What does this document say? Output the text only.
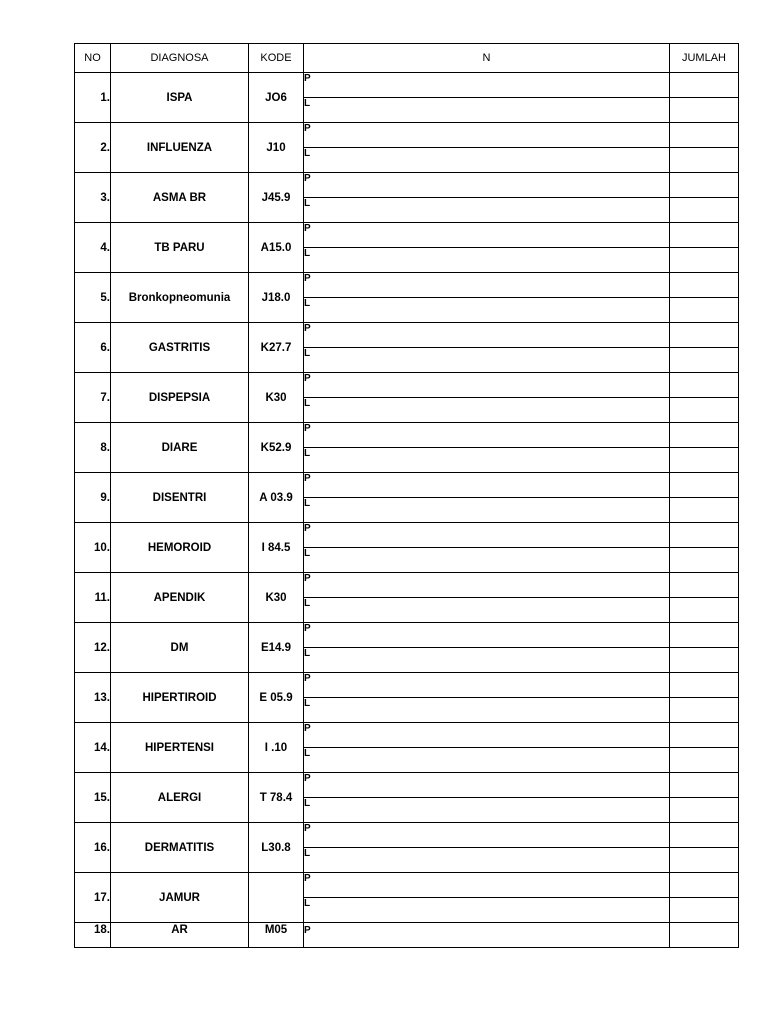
NO	DIAGNOSA	KODE	N	JUMLAH
1.	ISPA	JO6	P	
			L	
2.	INFLUENZA	J10	P	
			L	
3.	ASMA BR	J45.9	P	
			L	
4.	TB PARU	A15.0	P	
			L	
5.	Bronkopneomunia	J18.0	P	
			L	
6.	GASTRITIS	K27.7	P	
			L	
7.	DISPEPSIA	K30	P	
			L	
8.	DIARE	K52.9	P	
			L	
9.	DISENTRI	A 03.9	P	
			L	
10.	HEMOROID	I 84.5	P	
			L	
11.	APENDIK	K30	P	
			L	
12.	DM	E14.9	P	
			L	
13.	HIPERTIROID	E 05.9	P	
			L	
14.	HIPERTENSI	I .10	P	
			L	
15.	ALERGI	T 78.4	P	
			L	
16.	DERMATITIS	L30.8	P	
			L	
17.	JAMUR		P	
			L	
18.	AR	M05	P	
